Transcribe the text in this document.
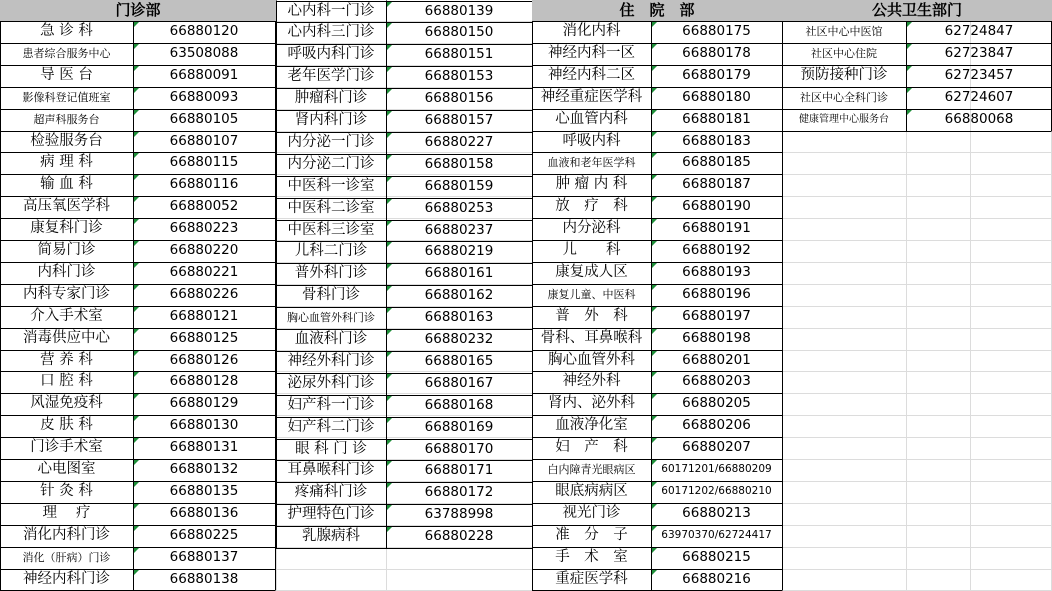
门诊部	住　院　部	公共卫生部门
急 诊 科	66880120
患者综合服务中心	63508088
导 医 台	66880091
影像科登记值班室	66880093
超声科服务台	66880105
检验服务台	66880107
病 理 科	66880115
输 血 科	66880116
高压氧医学科	66880052
康复科门诊	66880223
简易门诊	66880220
内科门诊	66880221
内科专家门诊	66880226
介入手术室	66880121
消毒供应中心	66880125
营 养 科	66880126
口 腔 科	66880128
风湿免疫科	66880129
皮 肤 科	66880130
门诊手术室	66880131
心电图室	66880132
针 灸 科	66880135
理　 疗	66880136
消化内科门诊	66880225
消化（肝病）门诊	66880137
神经内科门诊	66880138
心内科一门诊	66880139
心内科三门诊	66880150
呼吸内科门诊	66880151
老年医学门诊	66880153
肿瘤科门诊	66880156
肾内科门诊	66880157
内分泌一门诊	66880227
内分泌二门诊	66880158
中医科一诊室	66880159
中医科二诊室	66880253
中医科三诊室	66880237
儿科二门诊	66880219
普外科门诊	66880161
骨科门诊	66880162
胸心血管外科门诊	66880163
血液科门诊	66880232
神经外科门诊	66880165
泌尿外科门诊	66880167
妇产科一门诊	66880168
妇产科二门诊	66880169
眼 科 门 诊	66880170
耳鼻喉科门诊	66880171
疼痛科门诊	66880172
护理特色门诊	63788998
乳腺病科	66880228
消化内科	66880175
神经内科一区	66880178
神经内科二区	66880179
神经重症医学科	66880180
心血管内科	66880181
呼吸内科	66880183
血液和老年医学科	66880185
肿 瘤 内 科	66880187
放　疗　科	66880190
内分泌科	66880191
儿　　科	66880192
康复成人区	66880193
康复儿童、中医科	66880196
普　外　科	66880197
骨科、耳鼻喉科	66880198
胸心血管外科	66880201
神经外科	66880203
肾内、泌外科	66880205
血液净化室	66880206
妇　产　科	66880207
白内障青光眼病区	60171201/66880209
眼底病病区	60171202/66880210
视光门诊	66880213
准　分　子	63970370/62724417
手　术　室	66880215
重症医学科	66880216
社区中心中医馆	62724847
社区中心住院	62723847
预防接种门诊	62723457
社区中心全科门诊	62724607
健康管理中心服务台	66880068
